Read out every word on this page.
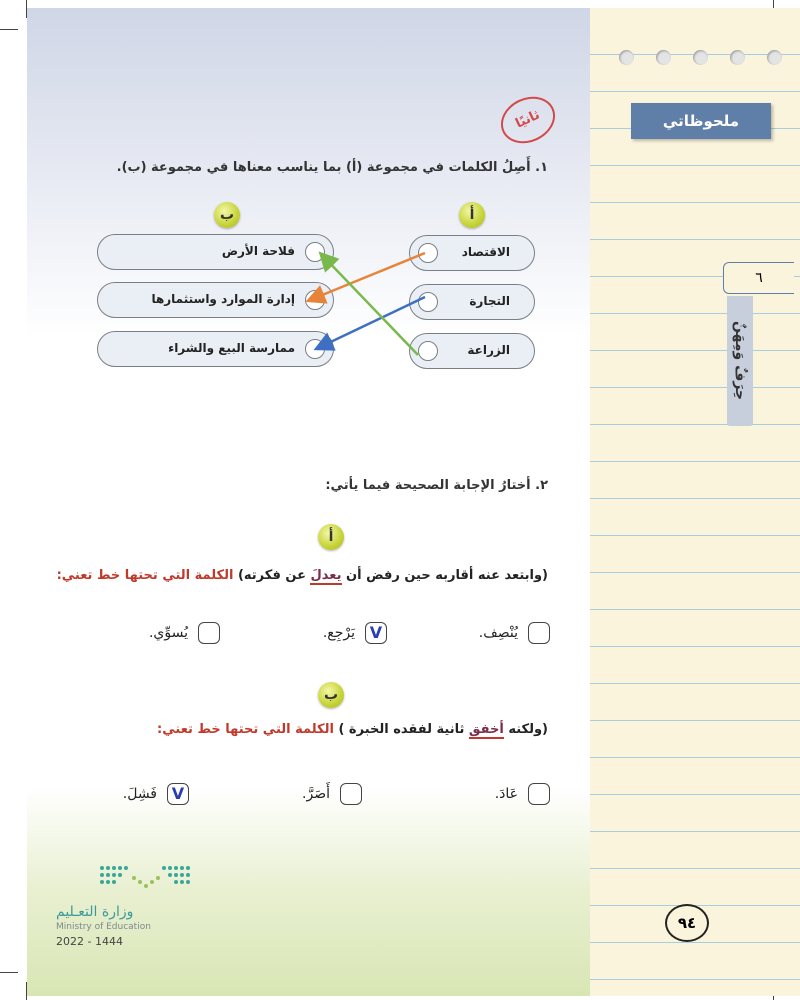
ملحوظاتي
٦
حِرَفٌ وَمِهَنٌ
٩٤
ثانيًا
١. أَصِلُ الكلمات في مجموعة (أ) بما يناسب معناها في مجموعة (ب).
أ
ب
الاقتصاد
التجارة
الزراعة
فلاحة الأرض
إدارة الموارد واستثمارها
ممارسة البيع والشراء
٢. أختارُ الإجابة الصحيحة فيما يأتي:
أ
(وابتعد عنه أقاربه حين رفض أن يعدلَ عن فكرته) الكلمة التي تحتها خط تعني:
يُنْصِف.
Vيَرْجِع.
يُسوِّي.
ب
(ولكنه أخفق ثانية لفقده الخبرة ) الكلمة التي تحتها خط تعني:
عَادَ.
أَصَرَّ.
Vفَشِلَ.
وزارة التعـليم
Ministry of Education
2022 - 1444
